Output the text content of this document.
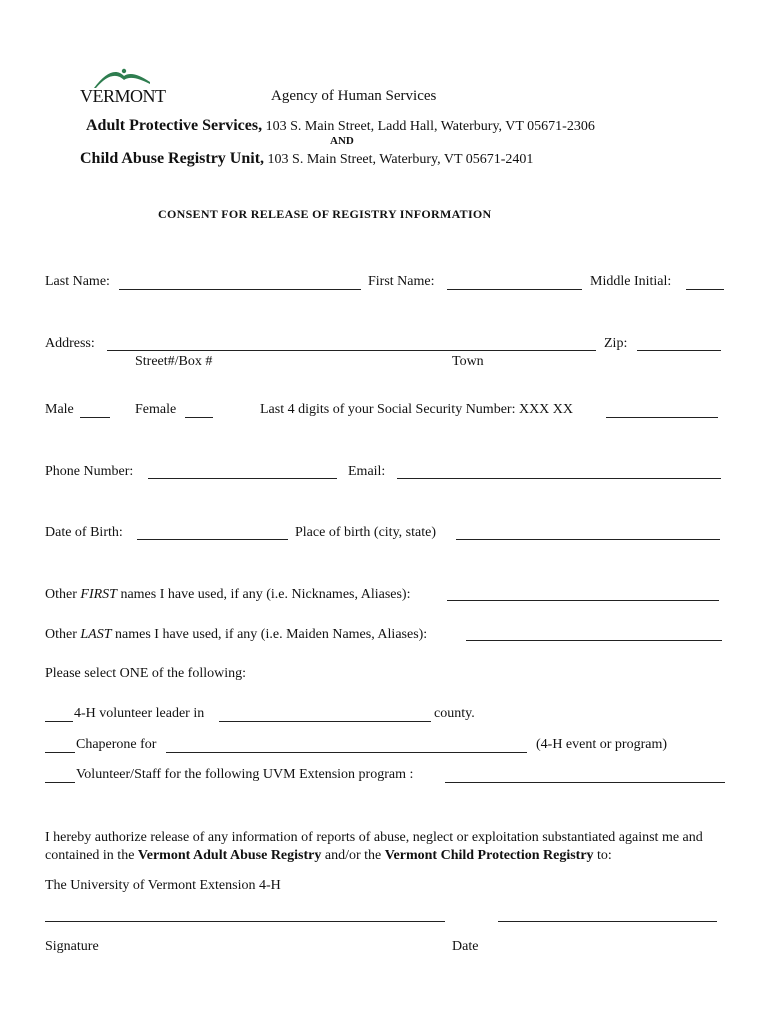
VERMONT	Agency of Human Services
Adult Protective Services, 103 S. Main Street, Ladd Hall, Waterbury, VT 05671-2306
AND
Child Abuse Registry Unit, 103 S. Main Street, Waterbury, VT 05671-2401
CONSENT FOR RELEASE OF REGISTRY INFORMATION
Last Name:	First Name:	Middle Initial:
Address:	Zip:
Street#/Box #	Town
Male	Female	Last 4 digits of your Social Security Number: XXX XX
Phone Number:	Email:
Date of Birth:	Place of birth (city, state)
Other FIRST names I have used, if any (i.e. Nicknames, Aliases):
Other LAST names I have used, if any (i.e. Maiden Names, Aliases):
Please select ONE of the following:
4-H volunteer leader in	county.
Chaperone for	(4-H event or program)
Volunteer/Staff for the following UVM Extension program :
I hereby authorize release of any information of reports of abuse, neglect or exploitation substantiated against me and contained in the Vermont Adult Abuse Registry and/or the Vermont Child Protection Registry to:
The University of Vermont Extension 4-H
Signature	Date
